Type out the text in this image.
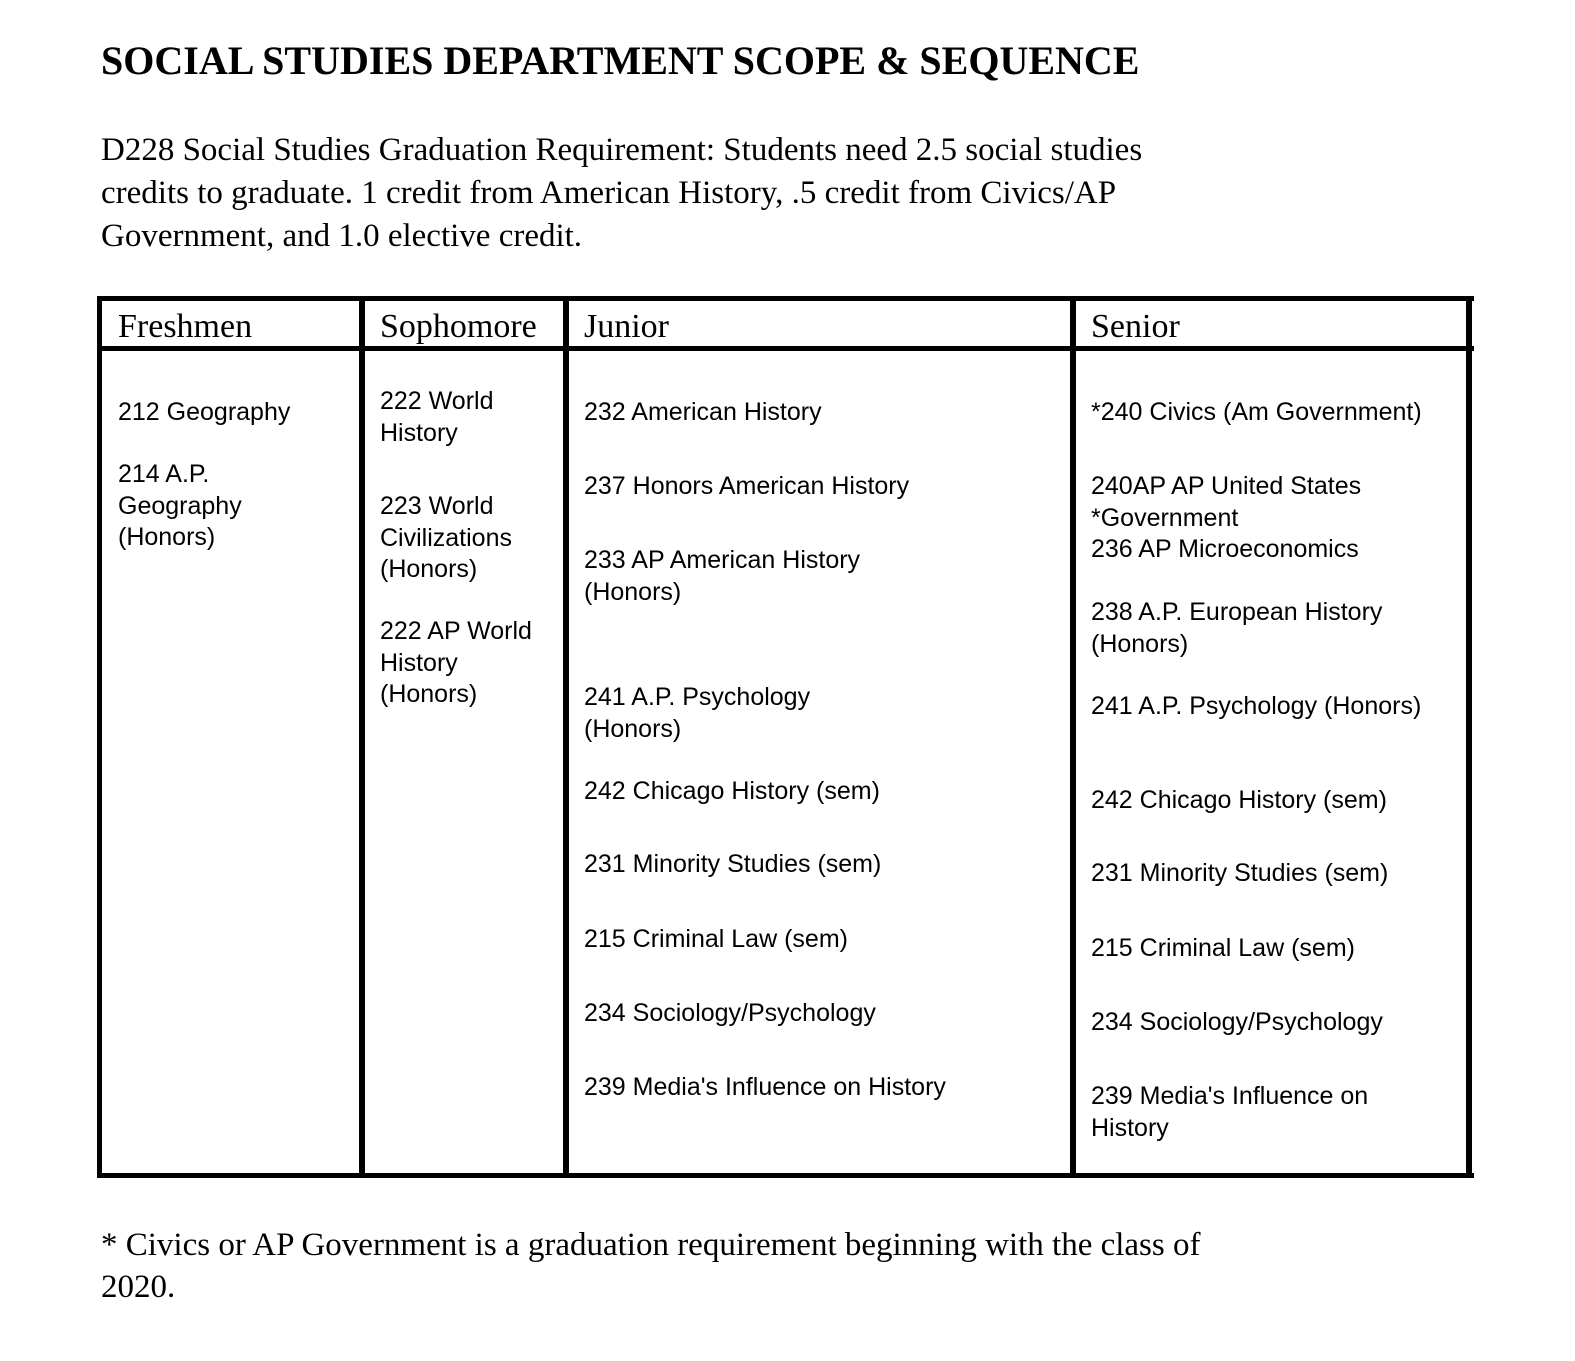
SOCIAL STUDIES DEPARTMENT SCOPE & SEQUENCE

D228 Social Studies Graduation Requirement: Students need 2.5 social studies
credits to graduate. 1 credit from American History, .5 credit from Civics/AP
Government, and 1.0 elective credit.

Freshmen	Sophomore Junior	Senior
212 Geography
214 A.P.
Geography
(Honors)
222 World
History
223 World
Civilizations
(Honors)
222 AP World
History
(Honors)
232 American History
237 Honors American History
233 AP American History
(Honors)
241 A.P. Psychology
(Honors)
242 Chicago History (sem)
231 Minority Studies (sem)
215 Criminal Law (sem)
234 Sociology/Psychology
239 Media's Influence on History
*240 Civics (Am Government)
240AP AP United States
*Government
236 AP Microeconomics
238 A.P. European History
(Honors)
241 A.P. Psychology (Honors)
242 Chicago History (sem)
231 Minority Studies (sem)
215 Criminal Law (sem)
234 Sociology/Psychology
239 Media's Influence on
History

* Civics or AP Government is a graduation requirement beginning with the class of
2020.
